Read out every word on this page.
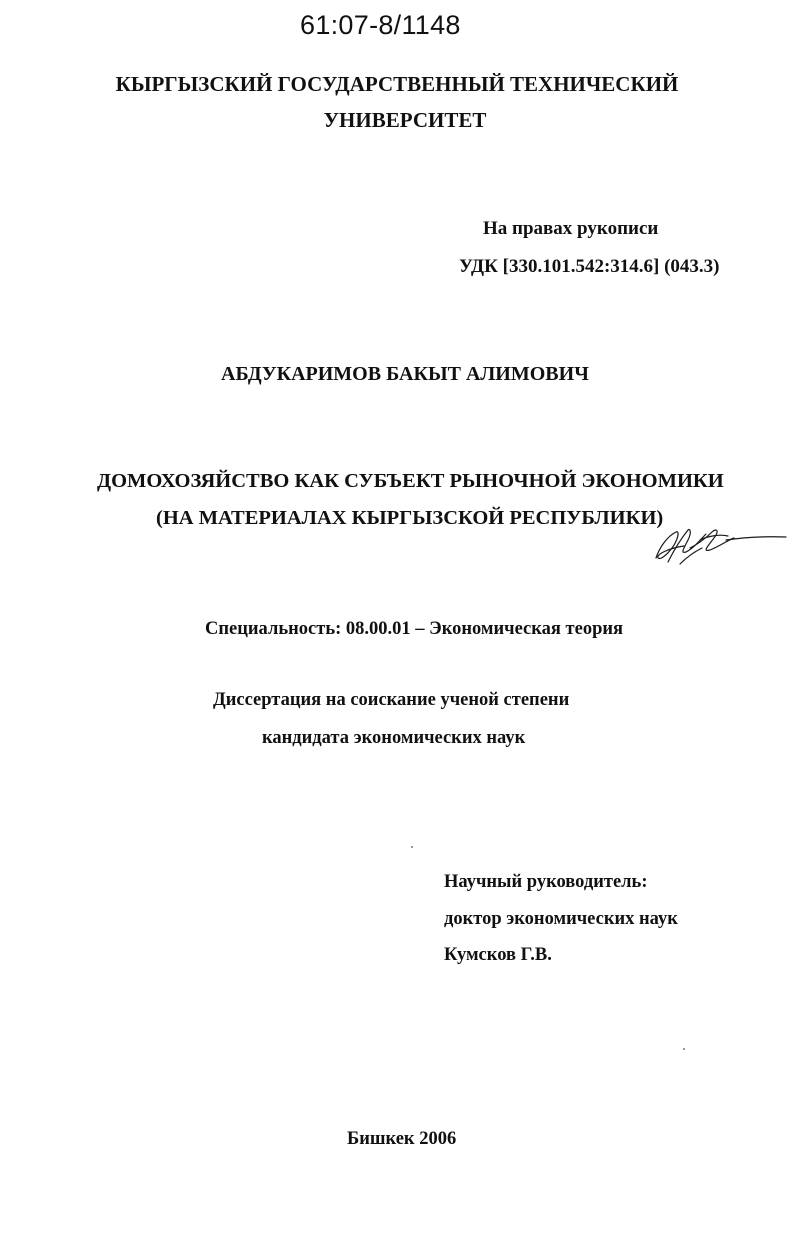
61:07-8/1148
КЫРГЫЗСКИЙ ГОСУДАРСТВЕННЫЙ ТЕХНИЧЕСКИЙ
УНИВЕРСИТЕТ
На правах рукописи
УДК [330.101.542:314.6] (043.3)
АБДУКАРИМОВ БАКЫТ АЛИМОВИЧ
ДОМОХОЗЯЙСТВО КАК СУБЪЕКТ РЫНОЧНОЙ ЭКОНОМИКИ
(НА МАТЕРИАЛАХ КЫРГЫЗСКОЙ РЕСПУБЛИКИ)
Специальность: 08.00.01 – Экономическая теория
Диссертация на соискание ученой степени
кандидата экономических наук
Научный руководитель:
доктор экономических наук
Кумсков Г.В.
Бишкек 2006
